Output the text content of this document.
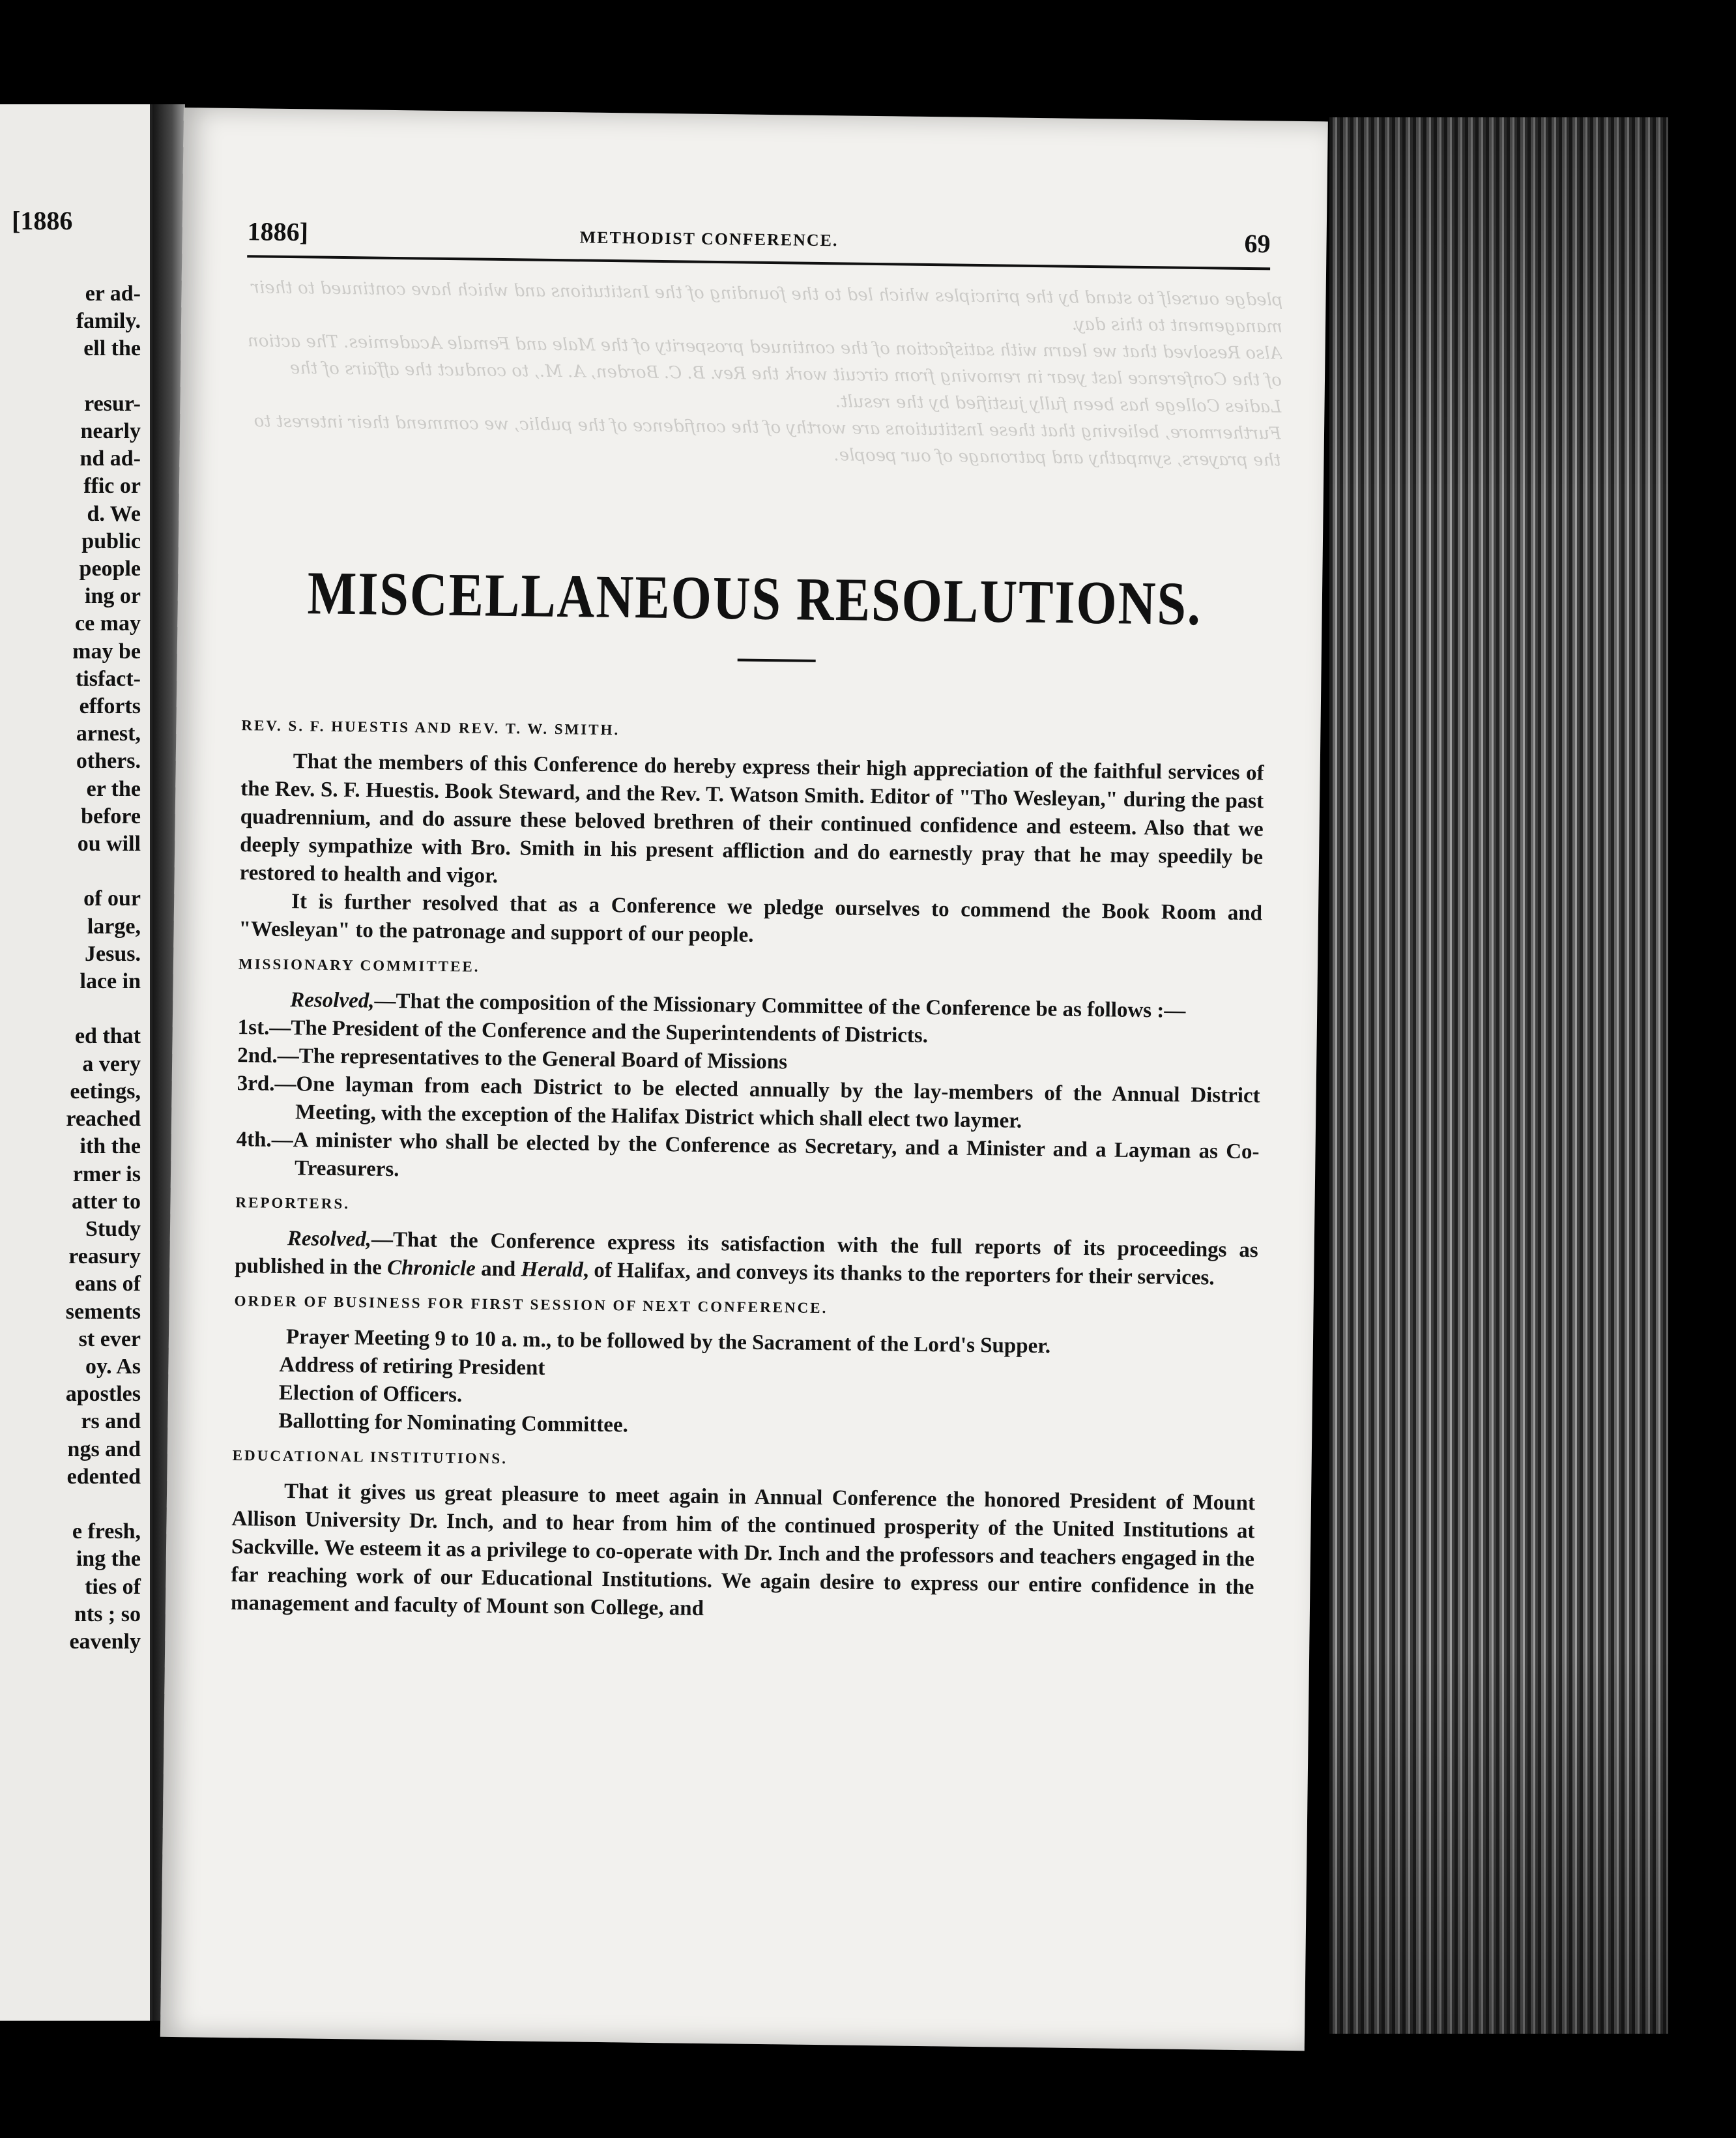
[1886
er ad-
family.
ell the

resur-
nearly
nd ad-
ffic or
d. We
public
people
ing or
ce may
may be
tisfact-
efforts
arnest,
others.
er the
before
ou will

of our
large,
Jesus.
lace in

ed that
a very
eetings,
reached
ith the
rmer is
atter to
Study
reasury
eans of
sements
st ever
oy. As
apostles
rs and
ngs and
edented

e fresh,
ing the
ties of
nts ; so
eavenly
pledge ourself to stand by the principles which led to the founding of the Institutions and which have continued to their management to this day.
Also Resolved that we learn with satisfaction of the continued prosperity of the Male and Female Academies. The action of the Conference last year in removing from circuit work the Rev. B. C. Borden, A. M., to conduct the affairs of the Ladies College has been fully justified by the result.
Furthermore, believing that these Institutions are worthy of the confidence of the public, we commend their interest to the prayers, sympathy and patronage of our people.
1886]	METHODIST CONFERENCE.	69
MISCELLANEOUS RESOLUTIONS.

REV. S. F. HUESTIS AND REV. T. W. SMITH.

That the members of this Conference do hereby express their high appreciation of the faithful services of the Rev. S. F. Huestis. Book Steward, and the Rev. T. Watson Smith. Editor of "Tho Wesleyan," during the past quadrennium, and do assure these beloved brethren of their continued confidence and esteem. Also that we deeply sympathize with Bro. Smith in his present affliction and do earnestly pray that he may speedily be restored to health and vigor.

It is further resolved that as a Conference we pledge ourselves to commend the Book Room and "Wesleyan" to the patronage and support of our people.

MISSIONARY COMMITTEE.

Resolved,—That the composition of the Missionary Committee of the Conference be as follows :—

1st.—The President of the Conference and the Superintendents of Districts.

2nd.—The representatives to the General Board of Missions

3rd.—One layman from each District to be elected annually by the lay-members of the Annual District Meeting, with the exception of the Halifax District which shall elect two laymer.

4th.—A minister who shall be elected by the Conference as Secretary, and a Minister and a Layman as Co-Treasurers.

REPORTERS.

Resolved,—That the Conference express its satisfaction with the full reports of its proceedings as published in the Chronicle and Herald, of Halifax, and conveys its thanks to the reporters for their services.

ORDER OF BUSINESS FOR FIRST SESSION OF NEXT CONFERENCE.

Prayer Meeting 9 to 10 a. m., to be followed by the Sacrament of the Lord's Supper.

Address of retiring President

Election of Officers.

Ballotting for Nominating Committee.

EDUCATIONAL INSTITUTIONS.

That it gives us great pleasure to meet again in Annual Conference the honored President of Mount Allison University Dr. Inch, and to hear from him of the continued prosperity of the United Institutions at Sackville. We esteem it as a privilege to co-operate with Dr. Inch and the professors and teachers engaged in the far reaching work of our Educational Institutions. We again desire to express our entire confidence in the management and faculty of Mount son College, and
